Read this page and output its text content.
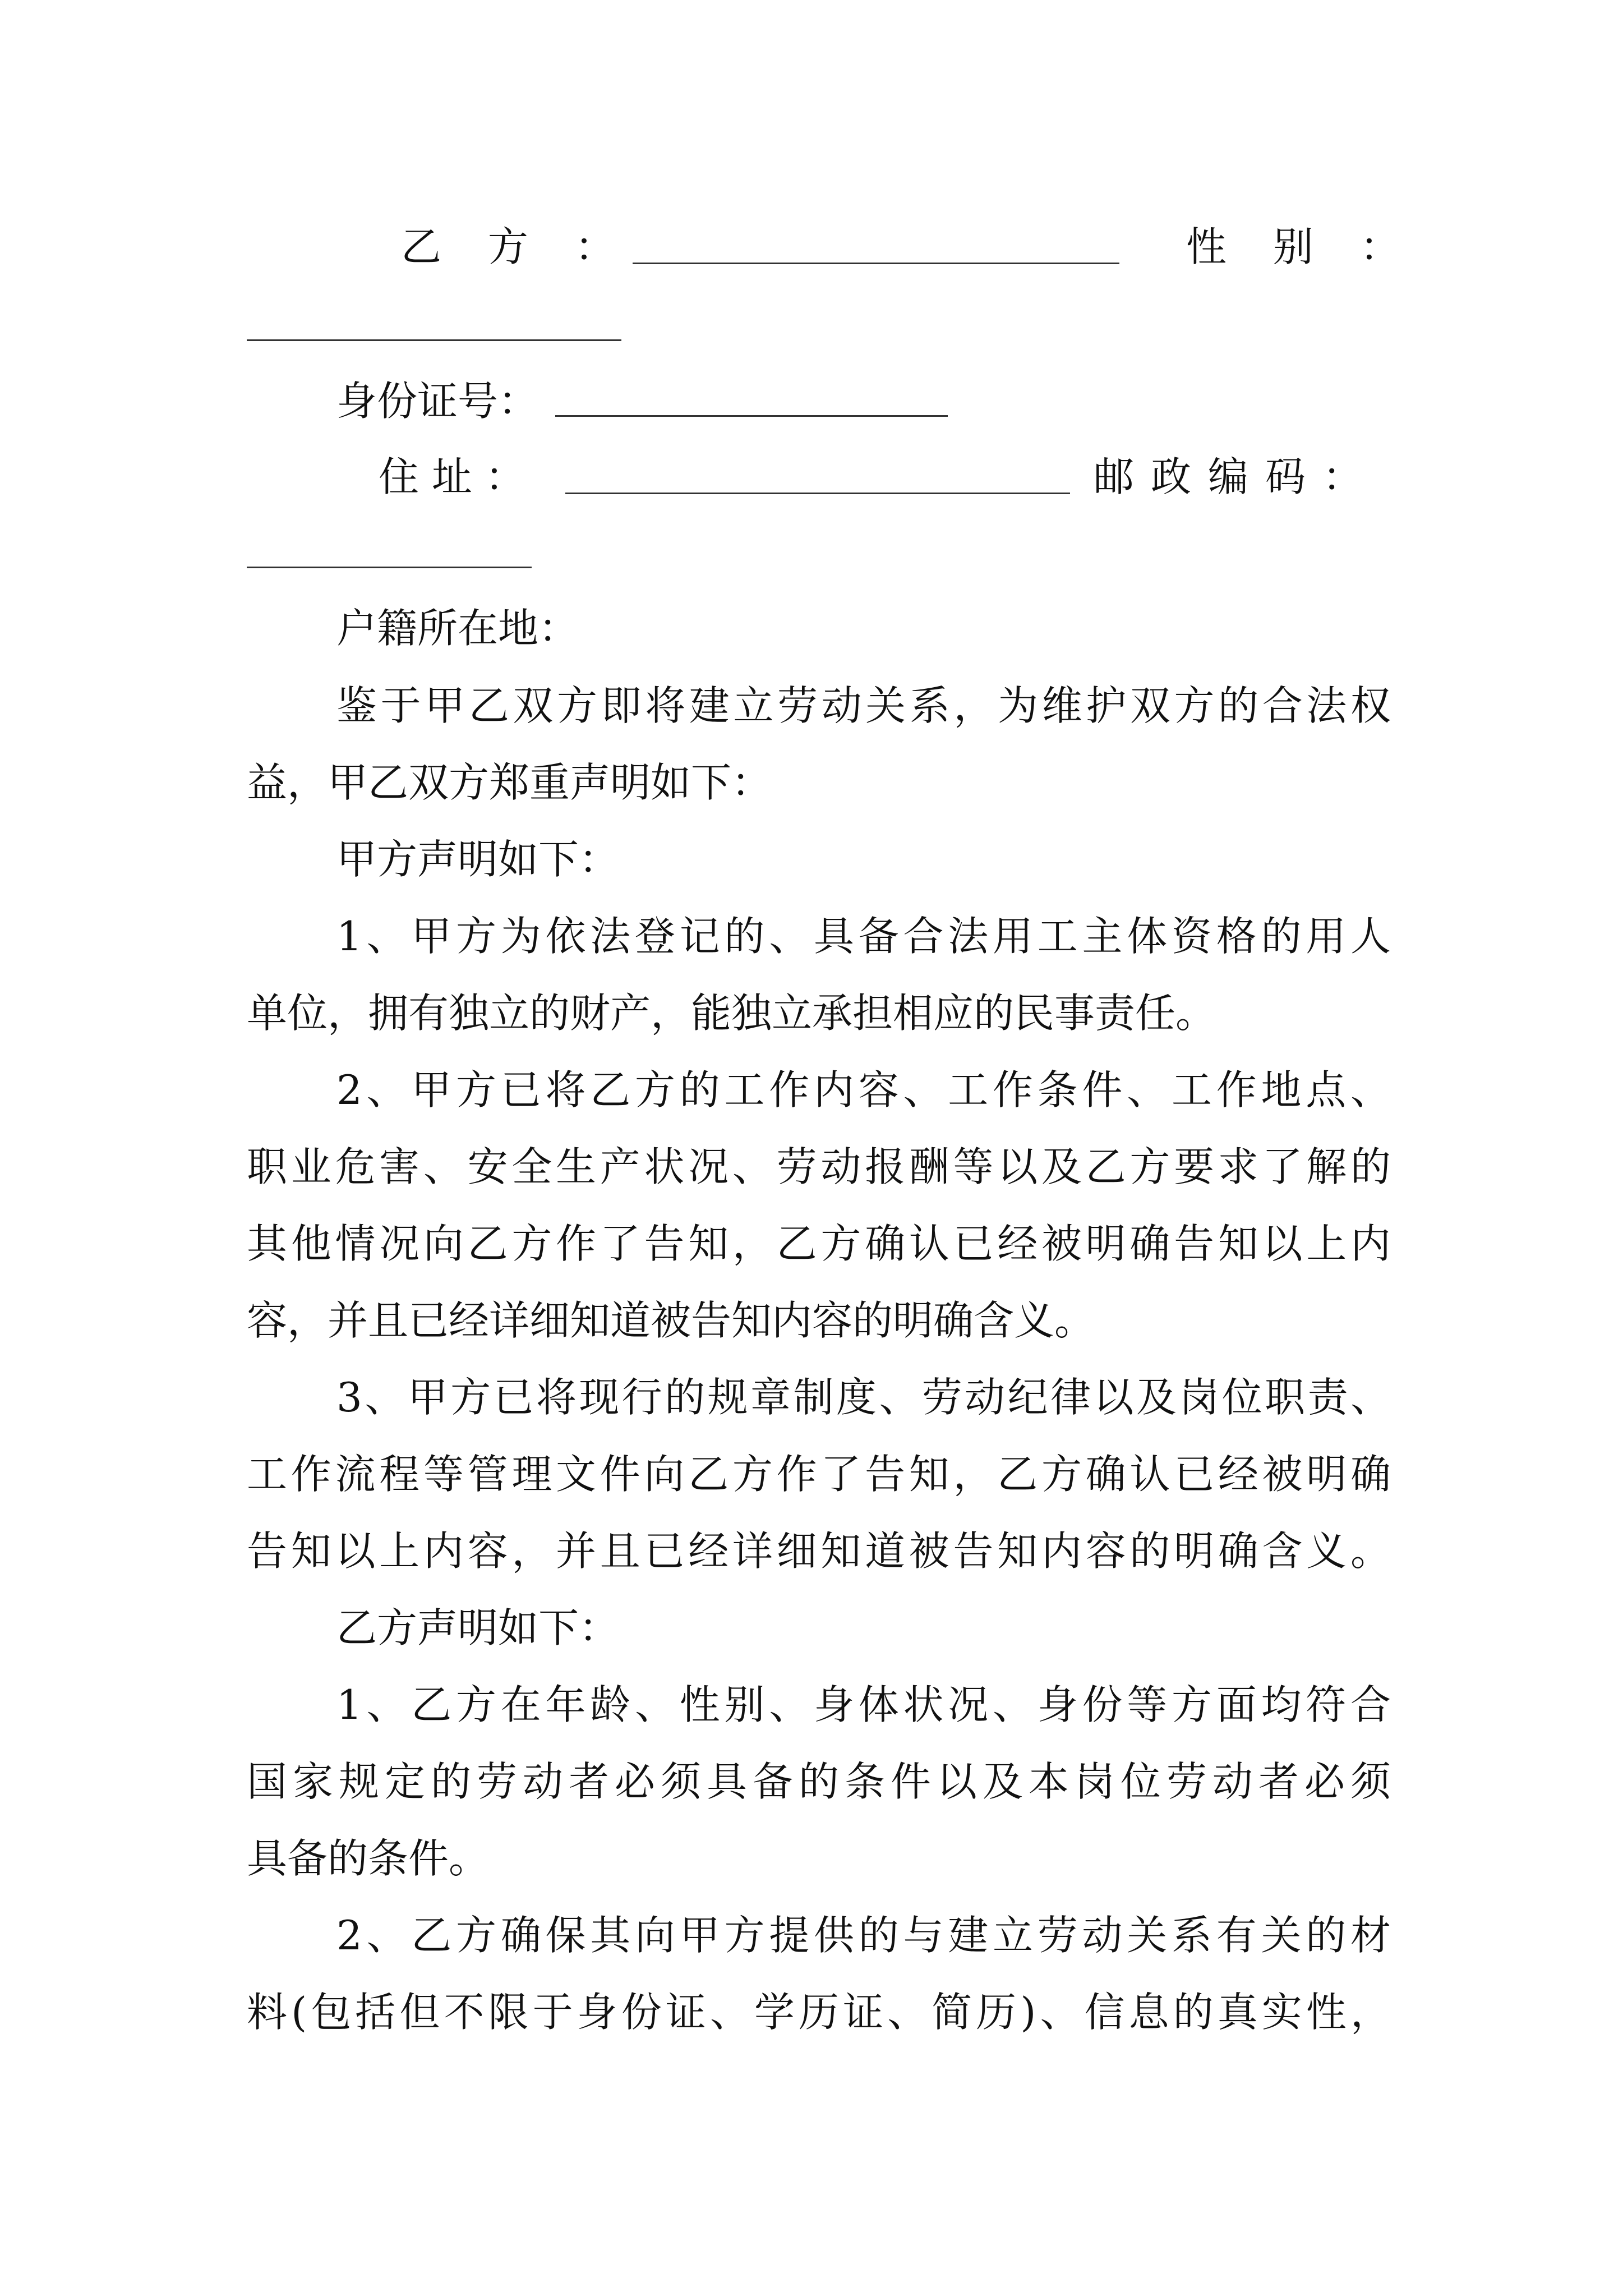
乙 方 ：	性 别 ：
身份证号：
住 址 ：	邮 政 编 码 ：
户籍所在地：
鉴于甲乙双方即将建立劳动关系，为维护双方的合法权
益，甲乙双方郑重声明如下：
甲方声明如下：
1、甲方为依法登记的、具备合法用工主体资格的用人
单位，拥有独立的财产，能独立承担相应的民事责任。
2、甲方已将乙方的工作内容、工作条件、工作地点、
职业危害、安全生产状况、劳动报酬等以及乙方要求了解的
其他情况向乙方作了告知，乙方确认已经被明确告知以上内
容，并且已经详细知道被告知内容的明确含义。
3、甲方已将现行的规章制度、劳动纪律以及岗位职责、
工作流程等管理文件向乙方作了告知，乙方确认已经被明确
告知以上内容，并且已经详细知道被告知内容的明确含义。
乙方声明如下：
1、乙方在年龄、性别、身体状况、身份等方面均符合
国家规定的劳动者必须具备的条件以及本岗位劳动者必须
具备的条件。
2、乙方确保其向甲方提供的与建立劳动关系有关的材
料(包括但不限于身份证、学历证、简历)、信息的真实性，
